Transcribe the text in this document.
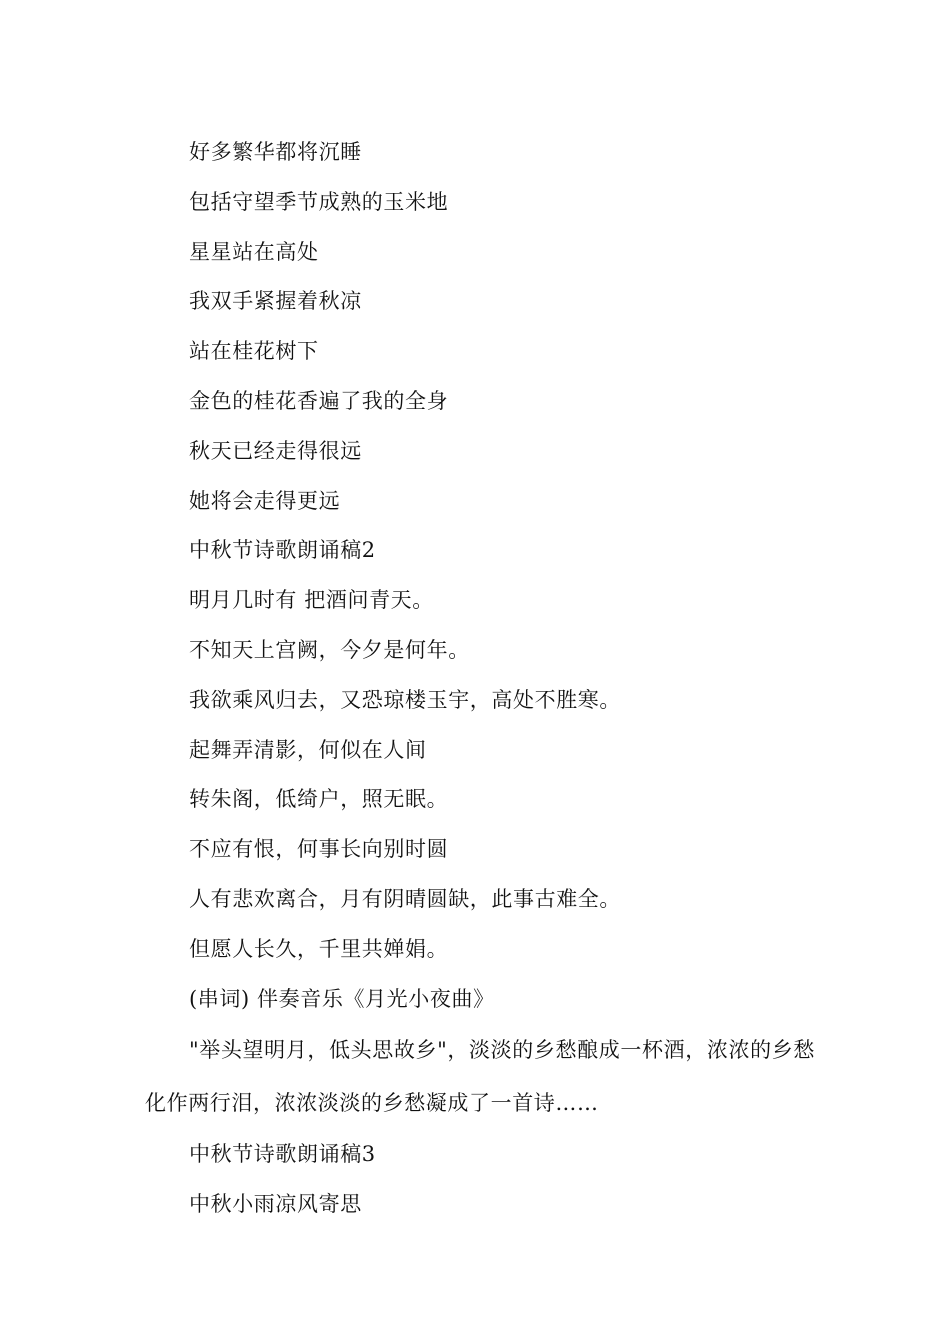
好多繁华都将沉睡
包括守望季节成熟的玉米地
星星站在高处
我双手紧握着秋凉
站在桂花树下
金色的桂花香遍了我的全身
秋天已经走得很远
她将会走得更远
中秋节诗歌朗诵稿2
明月几时有 把酒问青天。
不知天上宫阙，今夕是何年。
我欲乘风归去，又恐琼楼玉宇，高处不胜寒。
起舞弄清影，何似在人间
转朱阁，低绮户，照无眠。
不应有恨，何事长向别时圆
人有悲欢离合，月有阴晴圆缺，此事古难全。
但愿人长久，千里共婵娟。
(串词) 伴奏音乐《月光小夜曲》

"举头望明月，低头思故乡"，淡淡的乡愁酿成一杯酒，浓浓的乡愁化作两行泪，浓浓淡淡的乡愁凝成了一首诗……

中秋节诗歌朗诵稿3
中秋小雨凉风寄思
